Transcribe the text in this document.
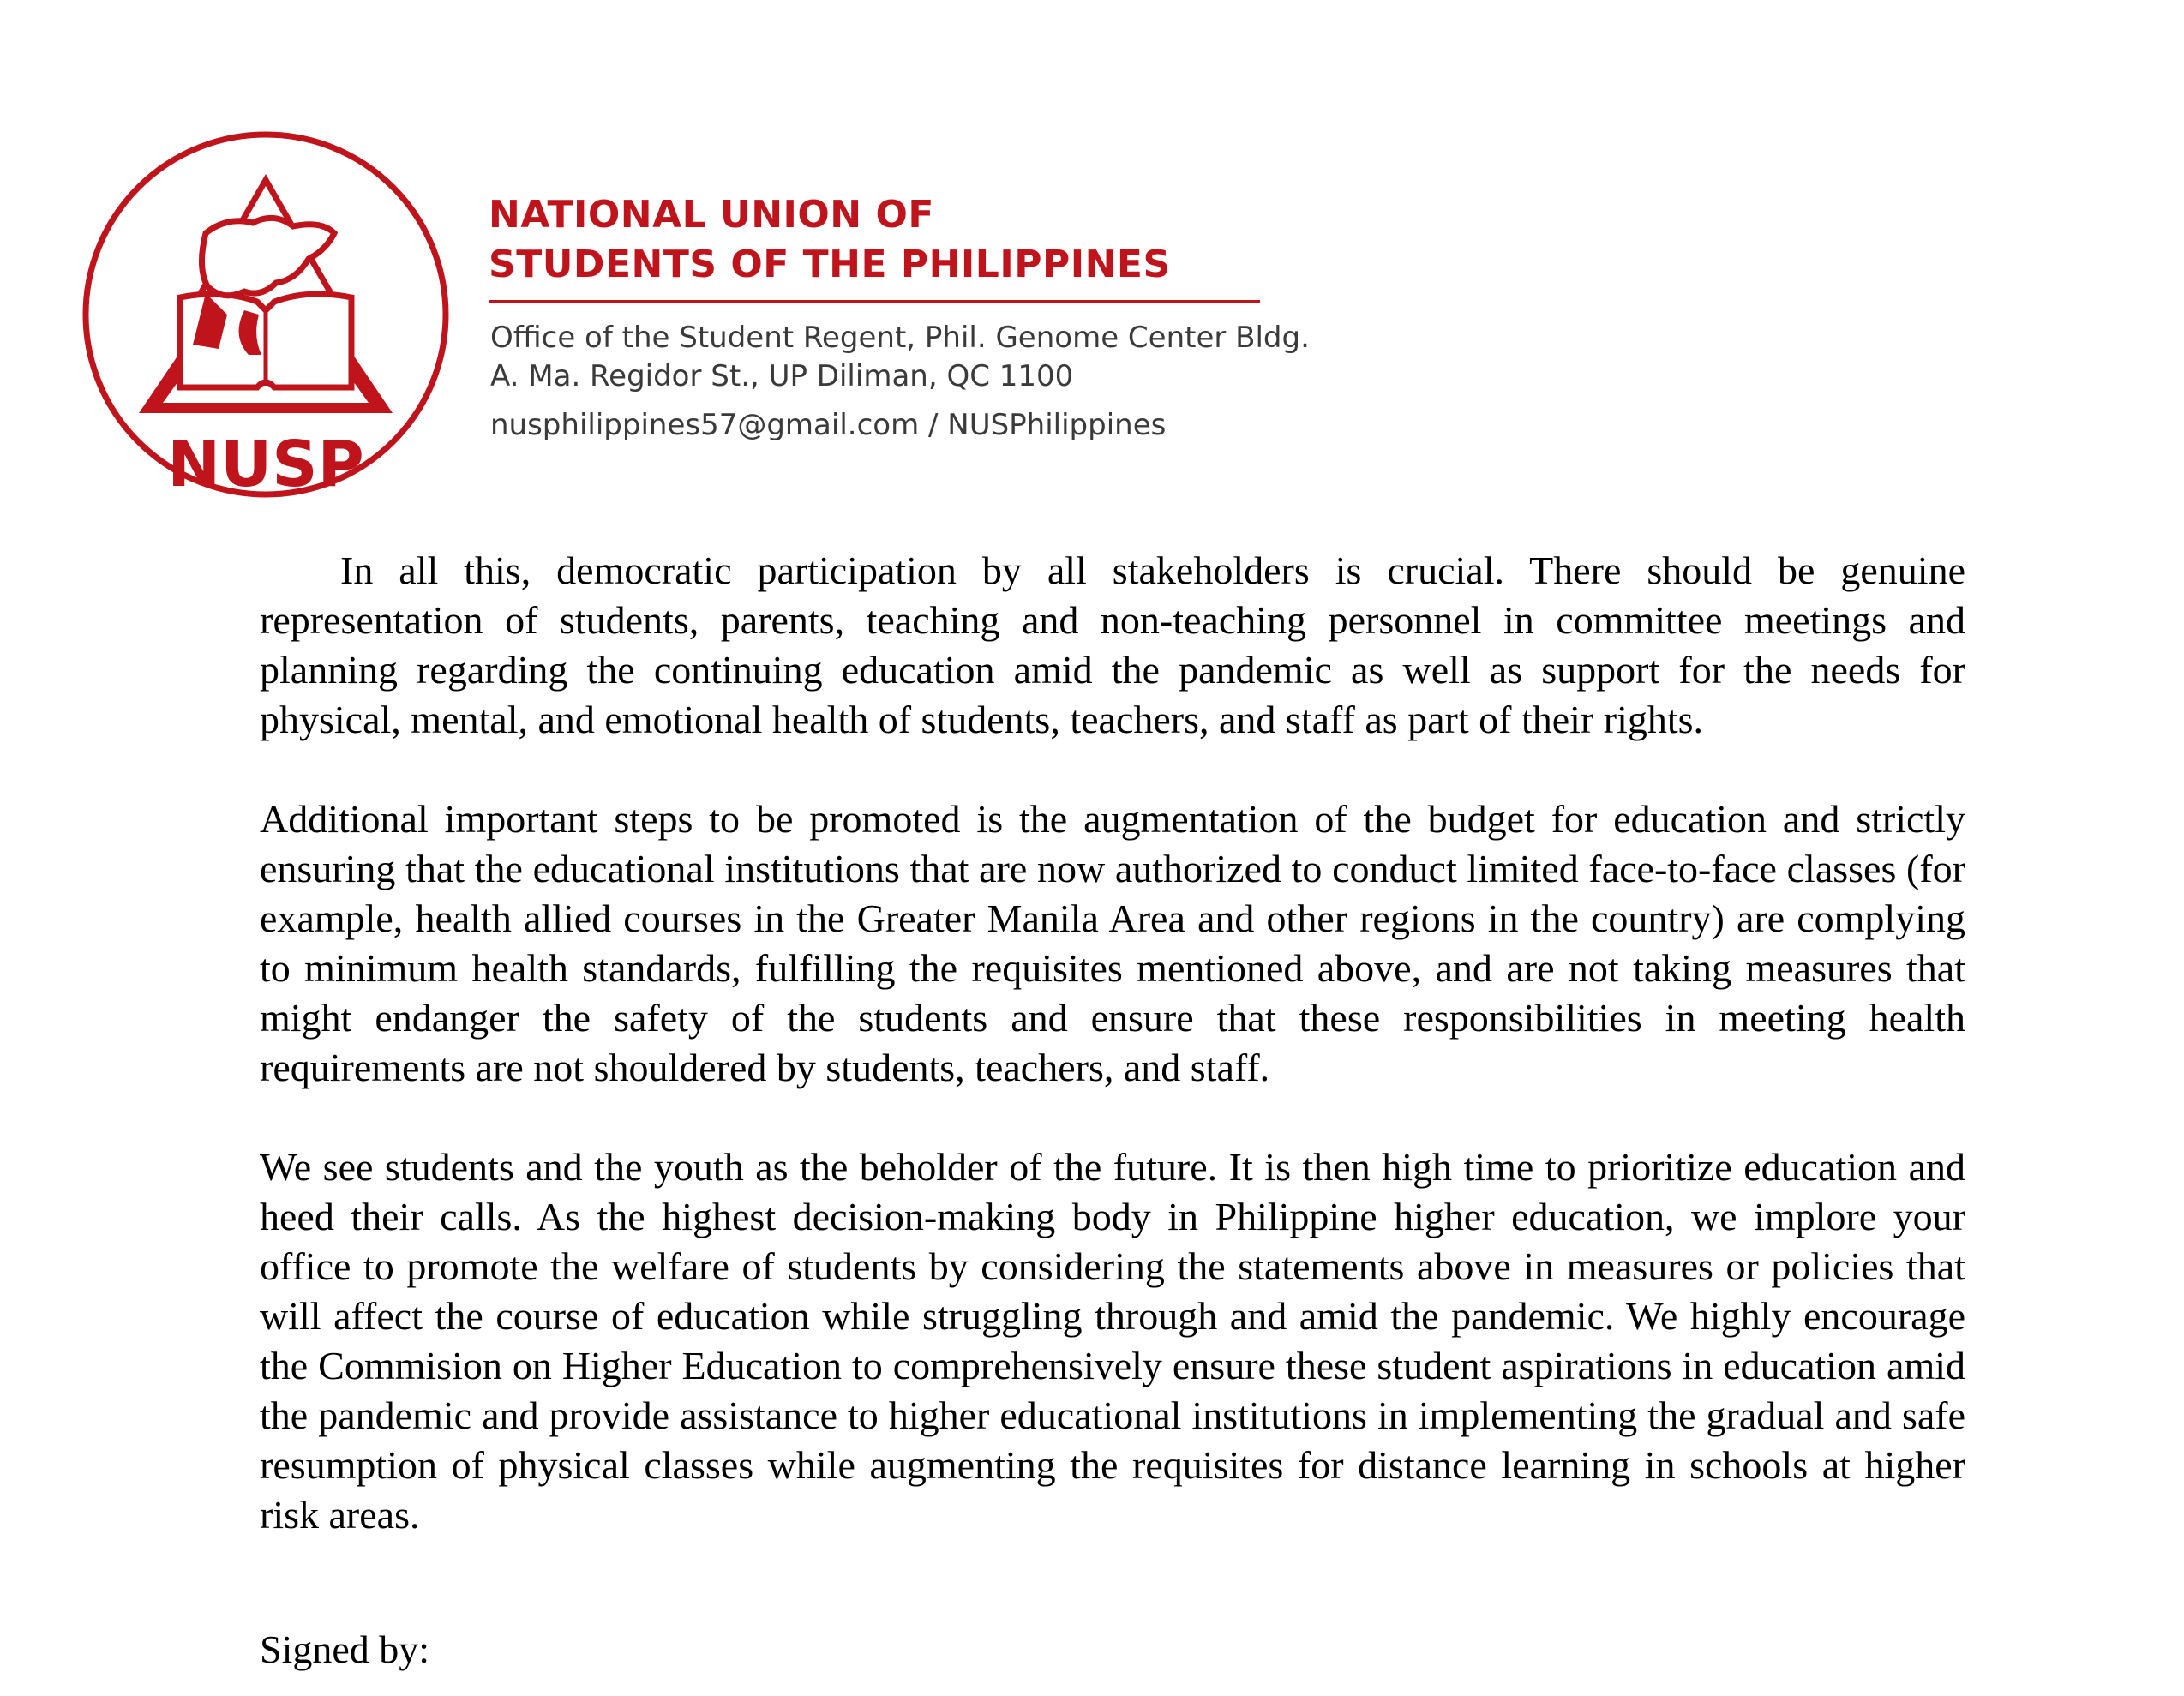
NUSP
NATIONAL UNION OF
STUDENTS OF THE PHILIPPINES
Office of the Student Regent, Phil. Genome Center Bldg.
A. Ma. Regidor St., UP Diliman, QC 1100
nusphilippines57@gmail.com / NUSPhilippines

In all this, democratic participation by all stakeholders is crucial. There should be genuine representation of students, parents, teaching and non-teaching personnel in committee meetings and planning regarding the continuing education amid the pandemic as well as support for the needs for physical, mental, and emotional health of students, teachers, and staff as part of their rights.

Additional important steps to be promoted is the augmentation of the budget for education and strictly ensuring that the educational institutions that are now authorized to conduct limited face-to-face classes (for example, health allied courses in the Greater Manila Area and other regions in the country) are complying to minimum health standards, fulfilling the requisites mentioned above, and are not taking measures that might endanger the safety of the students and ensure that these responsibilities in meeting health requirements are not shouldered by students, teachers, and staff.

We see students and the youth as the beholder of the future. It is then high time to prioritize education and heed their calls. As the highest decision-making body in Philippine higher education, we implore your office to promote the welfare of students by considering the statements above in measures or policies that will affect the course of education while struggling through and amid the pandemic. We highly encourage the Commision on Higher Education to comprehensively ensure these student aspirations in education amid the pandemic and provide assistance to higher educational institutions in implementing the gradual and safe resumption of physical classes while augmenting the requisites for distance learning in schools at higher risk areas.

Signed by:
